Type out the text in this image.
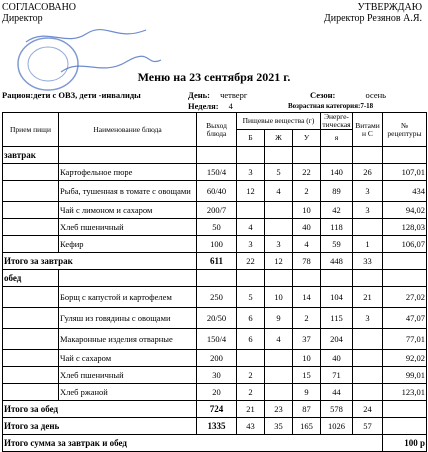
СОГЛАСОВАНО
Директор
УТВЕРЖДАЮ
Директор Резянов А.Я.
Меню на 23 сентября 2021 г.
Рацион:дети с ОВЗ, дети -инвалиды	День: четверг	Сезон:	осень
Неделя: 4	Возрастная категория:7-18
Прием пищи	Наименование блюда	Выход блюда	Пищевые вещества (г)			Энерге-тическая	Витами н С	№ рецептуры
			Б	Ж	У	я		
завтрак								
	Картофельное пюре	150/4	3	5	22	140	26	107,01
	Рыба, тушенная в томате с овощами	60/40	12	4	2	89	3	434
	Чай с лимоном и сахаром	200/7			10	42	3	94,02
	Хлеб пшеничный	50	4		40	118		128,03
	Кефир	100	3	3	4	59	1	106,07
Итого за завтрак		611	22	12	78	448	33	
обед								
	Борщ с капустой и картофелем	250	5	10	14	104	21	27,02
	Гуляш из говядины с овощами	20/50	6	9	2	115	3	47,07
	Макаронные изделия отварные	150/4	6	4	37	204		77,01
	Чай с сахаром	200			10	40		92,02
	Хлеб пшеничный	30	2		15	71		99,01
	Хлеб ржаной	20	2		9	44		123,01
Итого за обед		724	21	23	87	578	24	
Итого за день		1335	43	35	165	1026	57	
Итого сумма за завтрак и обед								100 р
